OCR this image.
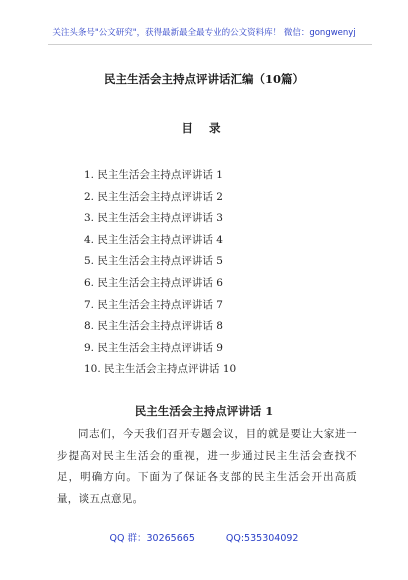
关注头条号"公文研究"，获得最新最全最专业的公文资料库！ 微信：gongwenyj
民主生活会主持点评讲话汇编（10篇）
目 录
1. 民主生活会主持点评讲话 1
2. 民主生活会主持点评讲话 2
3. 民主生活会主持点评讲话 3
4. 民主生活会主持点评讲话 4
5. 民主生活会主持点评讲话 5
6. 民主生活会主持点评讲话 6
7. 民主生活会主持点评讲话 7
8. 民主生活会主持点评讲话 8
9. 民主生活会主持点评讲话 9
10. 民主生活会主持点评讲话 10
民主生活会主持点评讲话 1

同志们，今天我们召开专题会议，目的就是要让大家进一步提高对民主生活会的重视，进一步通过民主生活会查找不足，明确方向。下面为了保证各支部的民主生活会开出高质量，谈五点意见。

QQ 群：30265665	QQ:535304092
